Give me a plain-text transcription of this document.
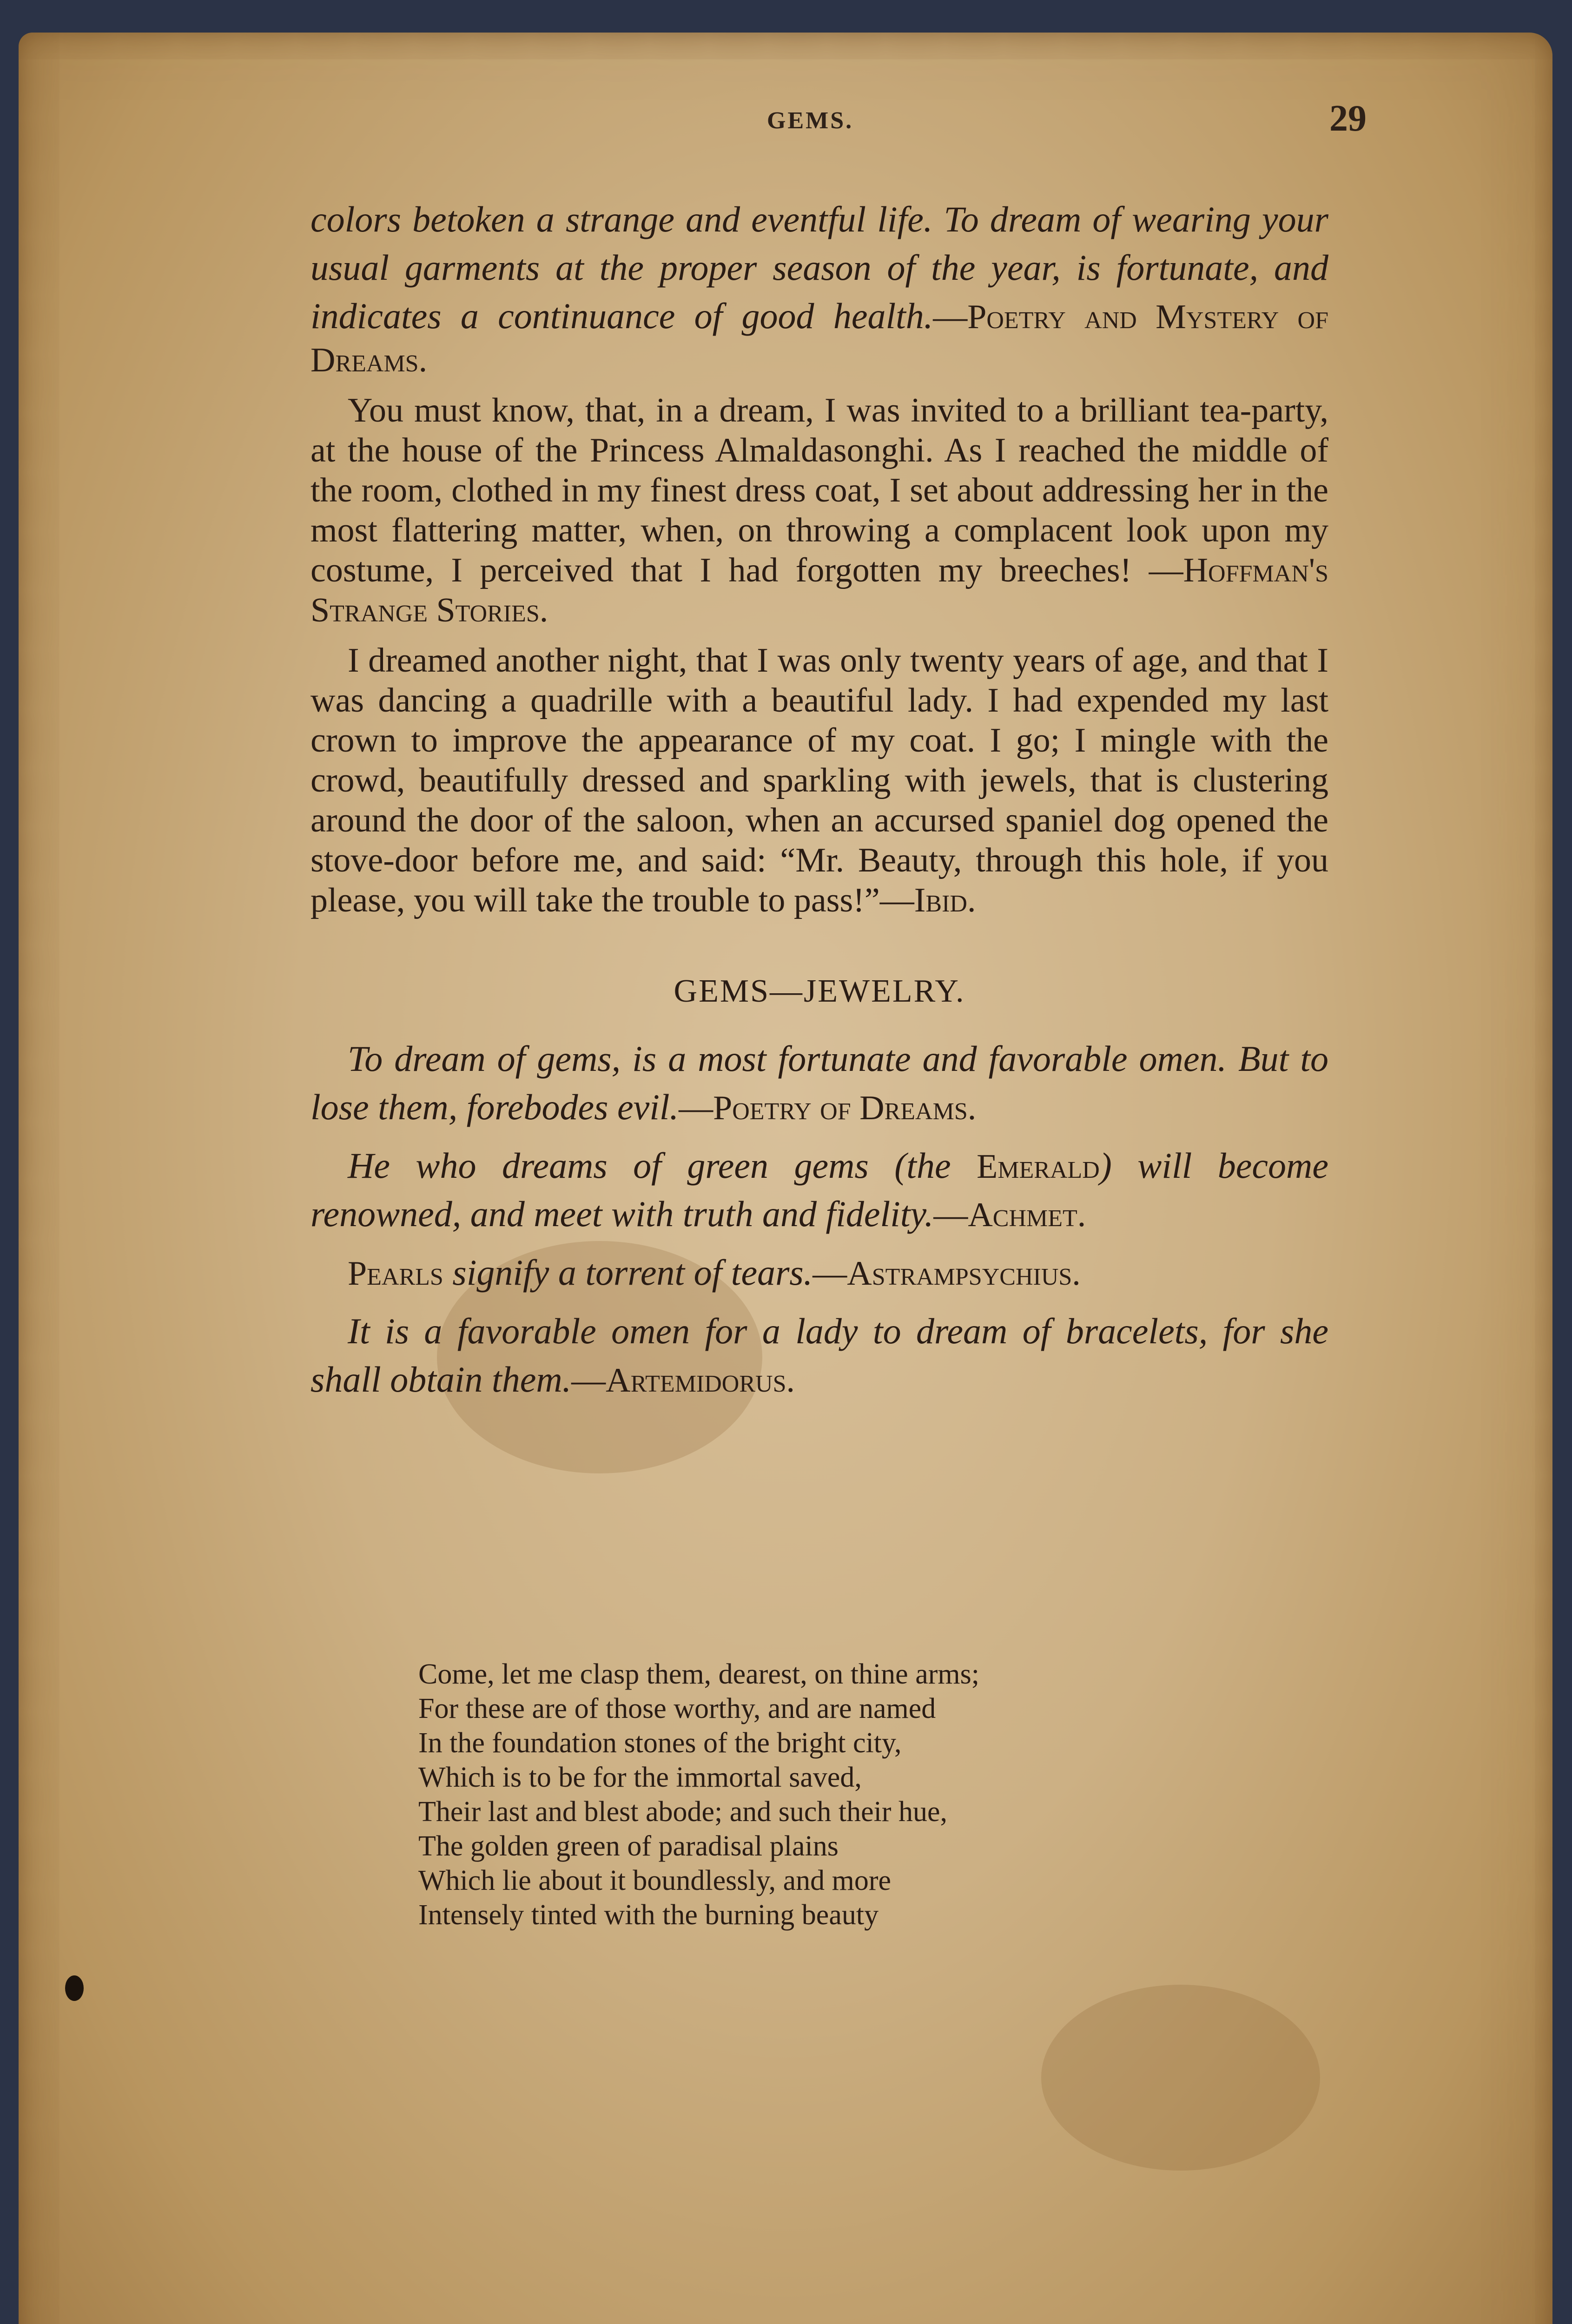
GEMS.	29

colors betoken a strange and eventful life. To dream of wearing your usual garments at the proper season of the year, is fortunate, and indicates a continuance of good health.—Poetry and Mystery of Dreams.

You must know, that, in a dream, I was invited to a brilliant tea-party, at the house of the Princess Almaldasonghi. As I reached the middle of the room, clothed in my finest dress coat, I set about addressing her in the most flattering matter, when, on throwing a complacent look upon my costume, I perceived that I had forgotten my breeches! —Hoffman's Strange Stories.

I dreamed another night, that I was only twenty years of age, and that I was dancing a quadrille with a beautiful lady. I had expended my last crown to improve the appearance of my coat. I go; I mingle with the crowd, beautifully dressed and sparkling with jewels, that is clustering around the door of the saloon, when an accursed spaniel dog opened the stove-door before me, and said: “Mr. Beauty, through this hole, if you please, you will take the trouble to pass!”—Ibid.

GEMS—JEWELRY.

To dream of gems, is a most fortunate and favorable omen. But to lose them, forebodes evil.—Poetry of Dreams.

He who dreams of green gems (the Emerald) will become renowned, and meet with truth and fidelity.—Achmet.

Pearls signify a torrent of tears.—Astrampsychius.

It is a favorable omen for a lady to dream of bracelets, for she shall obtain them.—Artemidorus.

Come, let me clasp them, dearest, on thine arms;
For these are of those worthy, and are named
In the foundation stones of the bright city,
Which is to be for the immortal saved,
Their last and blest abode; and such their hue,
The golden green of paradisal plains
Which lie about it boundlessly, and more
Intensely tinted with the burning beauty
